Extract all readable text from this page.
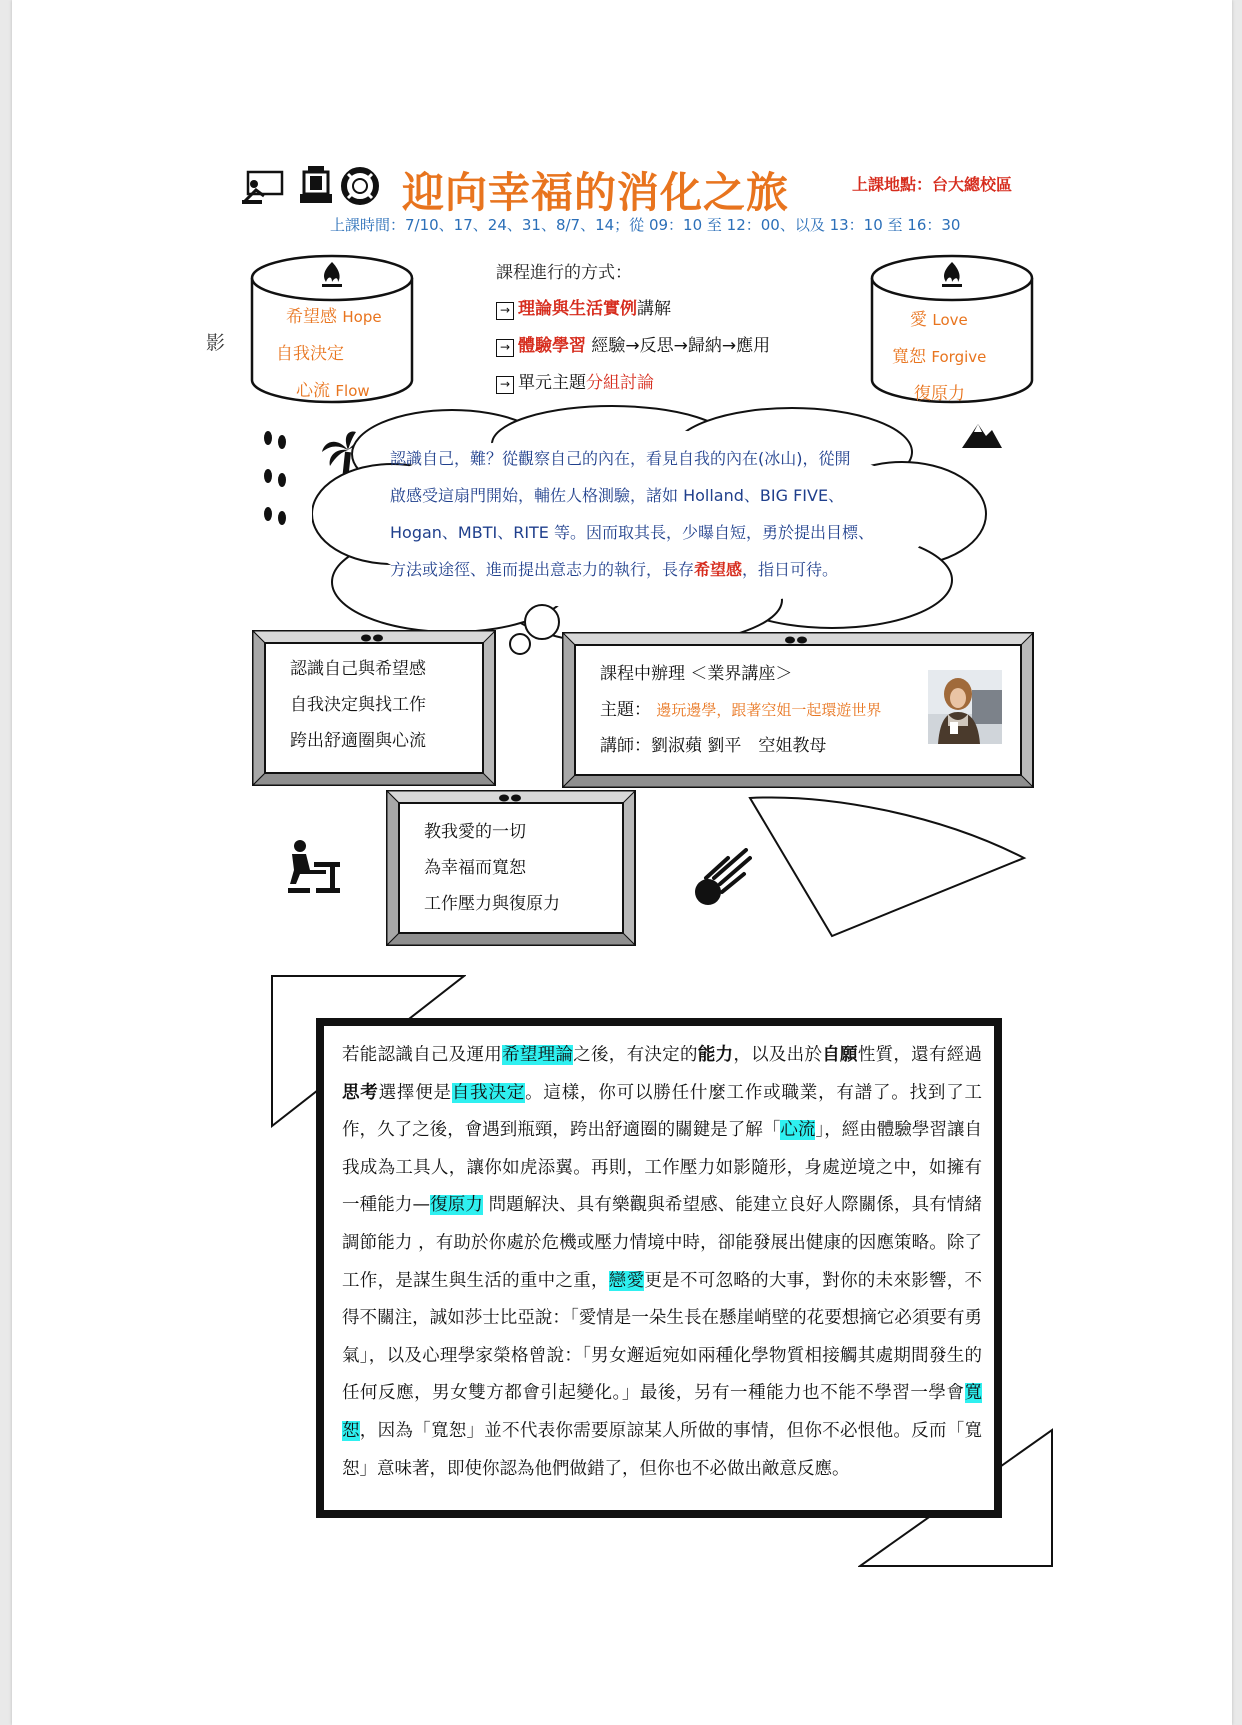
迎向幸福的消化之旅	上課地點：台大總校區
上課時間：7/10、17、24、31、8/7、14；從 09：10 至 12：00、以及 13：10 至 16：30
影
希望感 Hope
自我決定
心流 Flow
愛 Love
寬恕 Forgive
復原力
課程進行的方式：
→ 理論與生活實例講解
→ 體驗學習 經驗→反思→歸納→應用
→ 單元主題分組討論
認識自己，難？從觀察自己的內在，看見自我的內在(冰山)，從開
啟感受這扇門開始，輔佐人格測驗，諸如 Holland、BIG FIVE、
Hogan、MBTI、RITE 等。因而取其長，少曝自短，勇於提出目標、
方法或途徑、進而提出意志力的執行，長存希望感，指日可待。
認識自己與希望感
自我決定與找工作
跨出舒適圈與心流
課程中辦理 ＜業界講座＞
主題： 邊玩邊學，跟著空姐一起環遊世界
講師：劉淑蘋 劉平　空姐教母
教我愛的一切
為幸福而寬恕
工作壓力與復原力
若能認識自己及運用希望理論之後，有決定的能力，以及出於自願性質，還有經過思考選擇便是自我決定。這樣，你可以勝任什麼工作或職業，有譜了。找到了工作，久了之後，會遇到瓶頸，跨出舒適圈的關鍵是了解「心流」，經由體驗學習讓自我成為工具人，讓你如虎添翼。再則，工作壓力如影隨形，身處逆境之中，如擁有一種能力—復原力 問題解決、具有樂觀與希望感、能建立良好人際關係，具有情緒調節能力 ，有助於你處於危機或壓力情境中時，卻能發展出健康的因應策略。除了工作，是謀生與生活的重中之重，戀愛更是不可忽略的大事，對你的未來影響，不得不關注，誠如莎士比亞說：「愛情是一朵生長在懸崖峭壁的花要想摘它必須要有勇氣」，以及心理學家榮格曾說：「男女邂逅宛如兩種化學物質相接觸其處期間發生的任何反應，男女雙方都會引起變化。」最後，另有一種能力也不能不學習一學會寬恕，因為「寬恕」並不代表你需要原諒某人所做的事情，但你不必恨他。反而「寬恕」意味著，即使你認為他們做錯了，但你也不必做出敵意反應。
